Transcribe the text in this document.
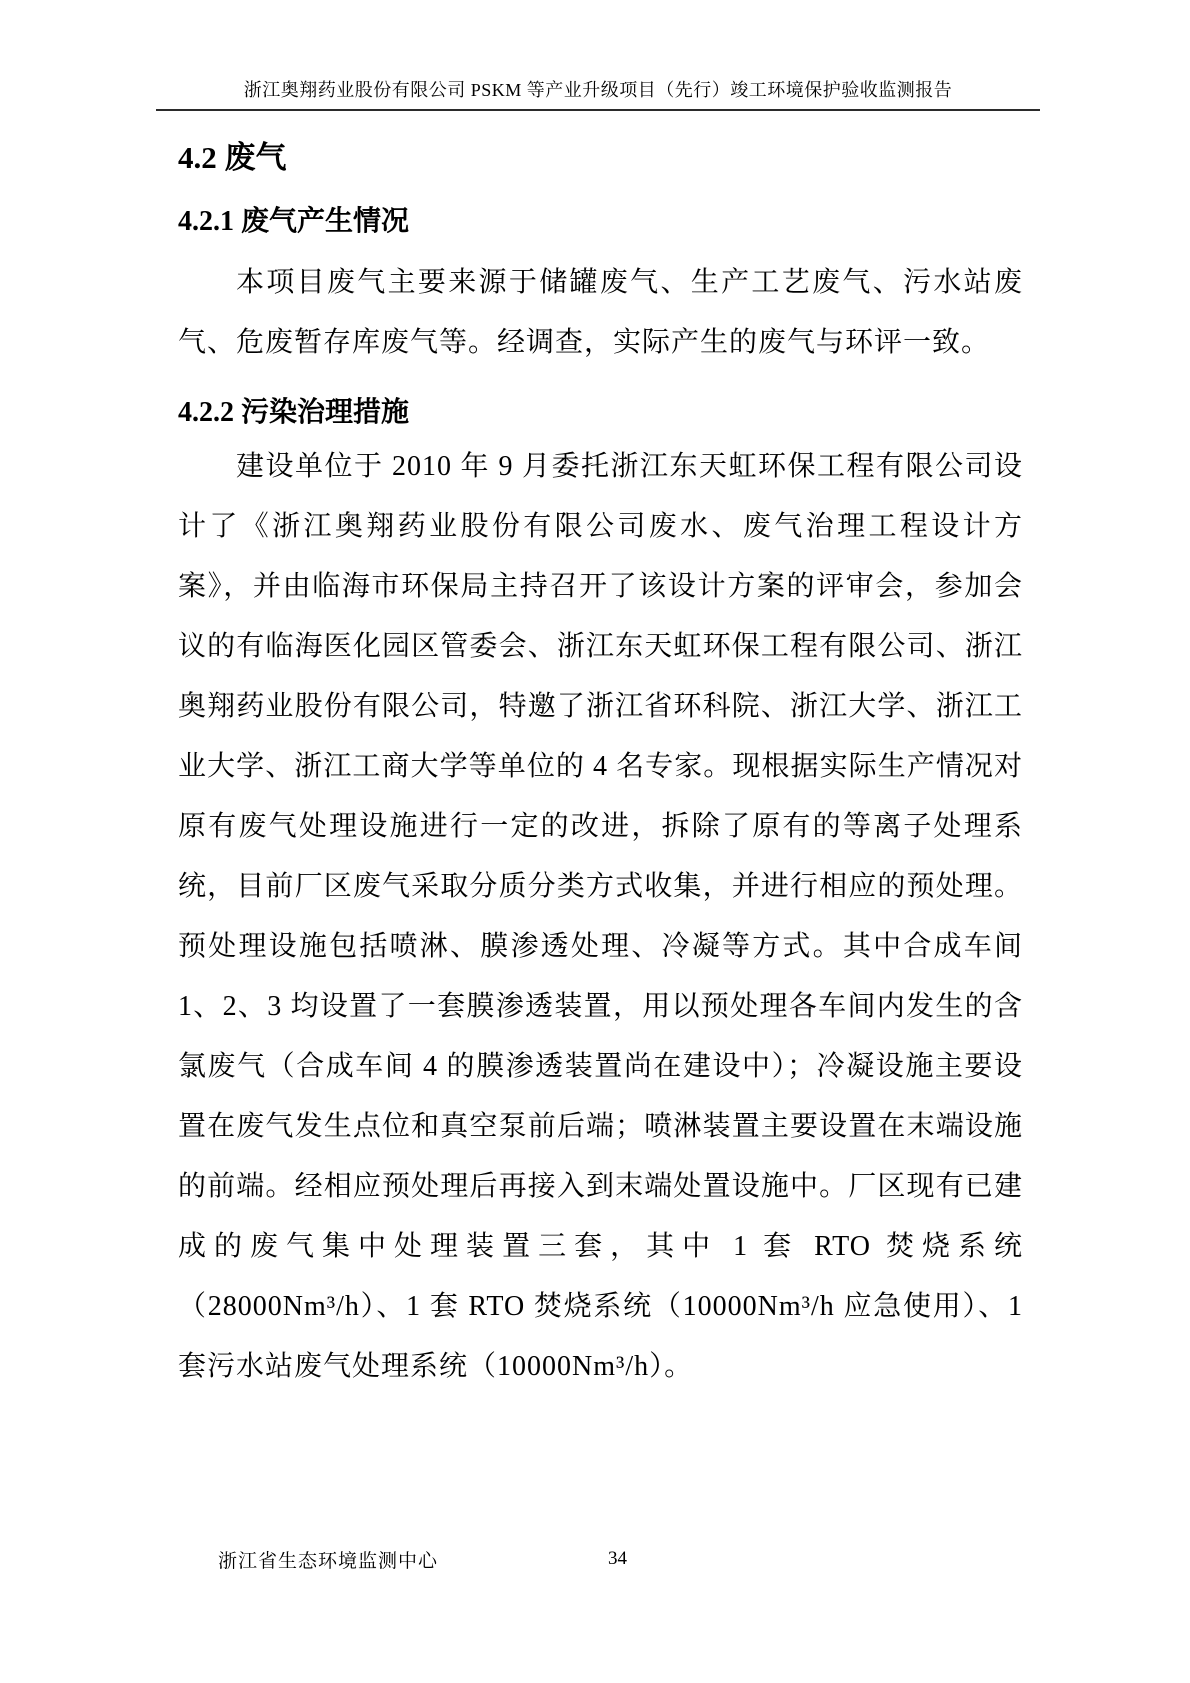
浙江奥翔药业股份有限公司 PSKM 等产业升级项目（先行）竣工环境保护验收监测报告
4.2 废气
4.2.1 废气产生情况

本项目废气主要来源于储罐废气、生产工艺废气、污水站废气、危废暂存库废气等。经调查，实际产生的废气与环评一致。

4.2.2 污染治理措施

建设单位于 2010 年 9 月委托浙江东天虹环保工程有限公司设计了《浙江奥翔药业股份有限公司废水、废气治理工程设计方案》，并由临海市环保局主持召开了该设计方案的评审会，参加会议的有临海医化园区管委会、浙江东天虹环保工程有限公司、浙江奥翔药业股份有限公司，特邀了浙江省环科院、浙江大学、浙江工业大学、浙江工商大学等单位的 4 名专家。现根据实际生产情况对原有废气处理设施进行一定的改进，拆除了原有的等离子处理系统，目前厂区废气采取分质分类方式收集，并进行相应的预处理。预处理设施包括喷淋、膜渗透处理、冷凝等方式。其中合成车间 1、2、3 均设置了一套膜渗透装置，用以预处理各车间内发生的含氯废气（合成车间 4 的膜渗透装置尚在建设中）；冷凝设施主要设置在废气发生点位和真空泵前后端；喷淋装置主要设置在末端设施的前端。经相应预处理后再接入到末端处置设施中。厂区现有已建成的废气集中处理装置三套，其中 1 套 RTO 焚烧系统（28000Nm³/h）、1 套 RTO 焚烧系统（10000Nm³/h 应急使用）、1 套污水站废气处理系统（10000Nm³/h）。

浙江省生态环境监测中心	34
